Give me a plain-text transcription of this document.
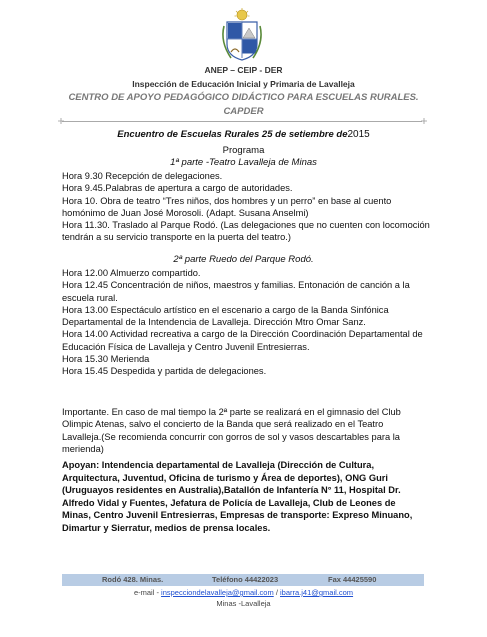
ANEP – CEIP - DER
Inspección de Educación Inicial y Primaria de Lavalleja
CENTRO DE APOYO PEDAGÓGICO DIDÁCTICO PARA ESCUELAS RURALES.
CAPDER
Encuentro de Escuelas Rurales 25 de setiembre de2015
Programa
1ª parte -Teatro Lavalleja de Minas

Hora 9.30 Recepción de delegaciones.

Hora 9.45.Palabras de apertura a cargo de autoridades.

Hora 10. Obra de teatro “Tres niños, dos hombres y un perro” en base al cuento homónimo de Juan José Morosoli. (Adapt. Susana Anselmi)

Hora 11.30. Traslado al Parque Rodó. (Las delegaciones que no cuenten con locomoción tendrán a su servicio transporte en la puerta del teatro.)

2ª parte Ruedo del Parque Rodó.

Hora 12.00 Almuerzo compartido.

Hora 12.45 Concentración de niños, maestros y familias. Entonación de canción a la escuela rural.

Hora 13.00 Espectáculo artístico en el escenario a cargo de la Banda Sinfónica Departamental de la Intendencia de Lavalleja. Dirección Mtro Omar Sanz.

Hora 14.00 Actividad recreativa a cargo de la Dirección Coordinación Departamental de Educación Física de Lavalleja y Centro Juvenil Entresierras.

Hora 15.30 Merienda

Hora 15.45 Despedida y partida de delegaciones.

Importante. En caso de mal tiempo la 2ª parte se realizará en el gimnasio del Club Olimpic Atenas, salvo el concierto de la Banda que será realizado en el Teatro Lavalleja.(Se recomienda concurrir con gorros de sol y vasos descartables para la merienda)
Apoyan: Intendencia departamental de Lavalleja (Dirección de Cultura, Arquitectura, Juventud, Oficina de turismo y Área de deportes), ONG Guri (Uruguayos residentes en Australia),Batallón de Infantería N° 11, Hospital Dr. Alfredo Vidal y Fuentes, Jefatura de Policía de Lavalleja, Club de Leones de Minas, Centro Juvenil Entresierras, Empresas de transporte: Expreso Minuano, Dimartur y Sierratur, medios de prensa locales.
Rodó 428. Minas.	Teléfono 44422023	Fax 44425590
e-mail - inspecciondelavalleja@gmail.com / ibarra.j41@gmail.com
Minas -Lavalleja
